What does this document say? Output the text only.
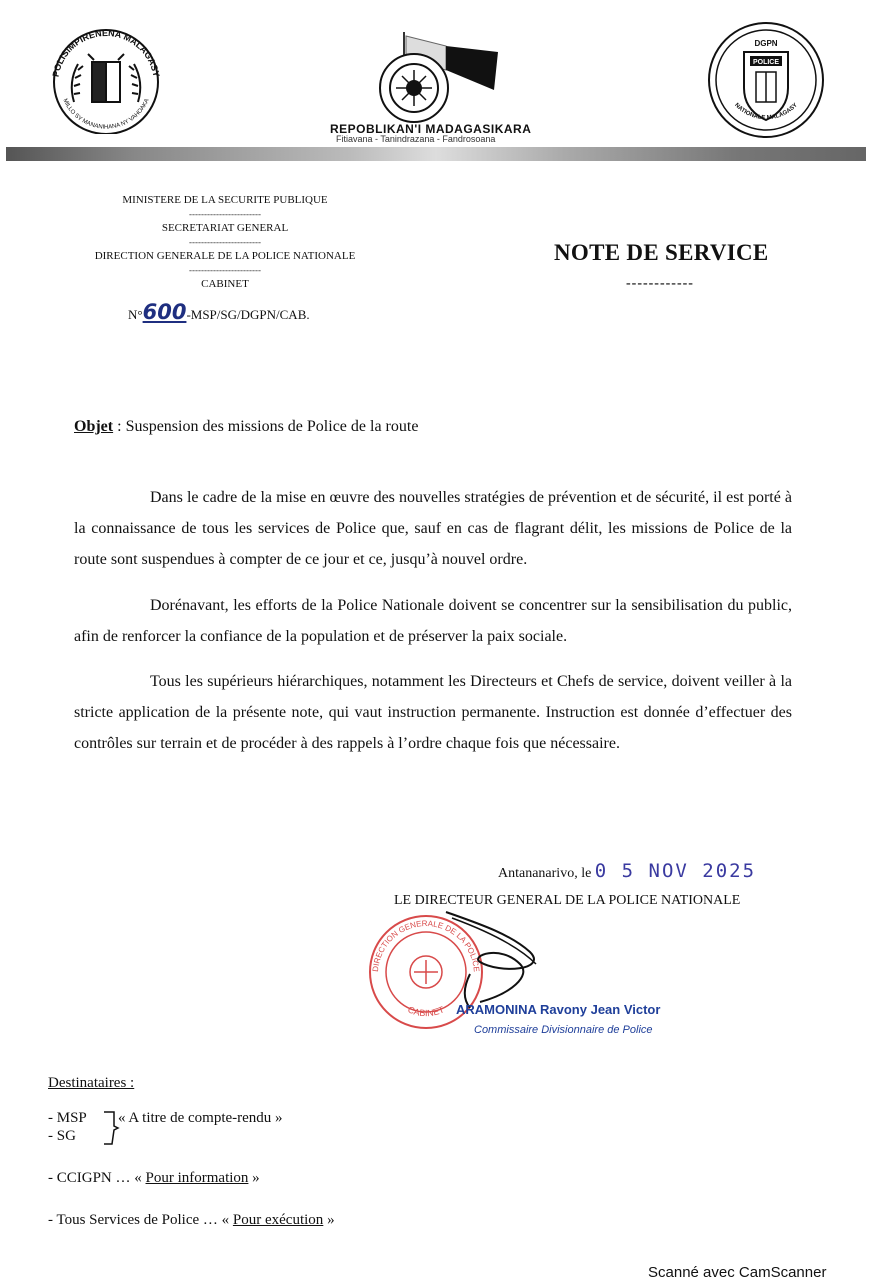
POLISIMPIRENENA MALAGASY
MILLO SY MANANIHANA NY VAHOAKA
REPOBLIKAN'I MADAGASIKARA
Fitiavana - Tanindrazana - Fandrosoana
DGPN
POLICE
NATIONALE MALAGASY
MINISTERE DE LA SECURITE PUBLIQUE
------------------------
SECRETARIAT GENERAL
------------------------
DIRECTION GENERALE DE LA POLICE NATIONALE
------------------------
CABINET
N°600-MSP/SG/DGPN/CAB.
NOTE DE SERVICE
------------
Objet : Suspension des missions de Police de la route
Dans le cadre de la mise en œuvre des nouvelles stratégies de prévention et de sécurité, il est porté à la connaissance de tous les services de Police que, sauf en cas de flagrant délit, les missions de Police de la route sont suspendues à compter de ce jour et ce, jusqu’à nouvel ordre.
Dorénavant, les efforts de la Police Nationale doivent se concentrer sur la sensibilisation du public, afin de renforcer la confiance de la population et de préserver la paix sociale.
Tous les supérieurs hiérarchiques, notamment les Directeurs et Chefs de service, doivent veiller à la stricte application de la présente note, qui vaut instruction permanente. Instruction est donnée d’effectuer des contrôles sur terrain et de procéder à des rappels à l’ordre chaque fois que nécessaire.
Antananarivo, le 0 5 NOV 2025
LE DIRECTEUR GENERAL DE LA POLICE NATIONALE
DIRECTION GENERALE DE LA POLICE
CABINET ARAMONINA Ravony Jean Victor
Commissaire Divisionnaire de Police
Destinataires :
- MSP
- SG
« A titre de compte-rendu »
- CCIGPN … « Pour information »
- Tous Services de Police … « Pour exécution »
Scanné avec CamScanner
